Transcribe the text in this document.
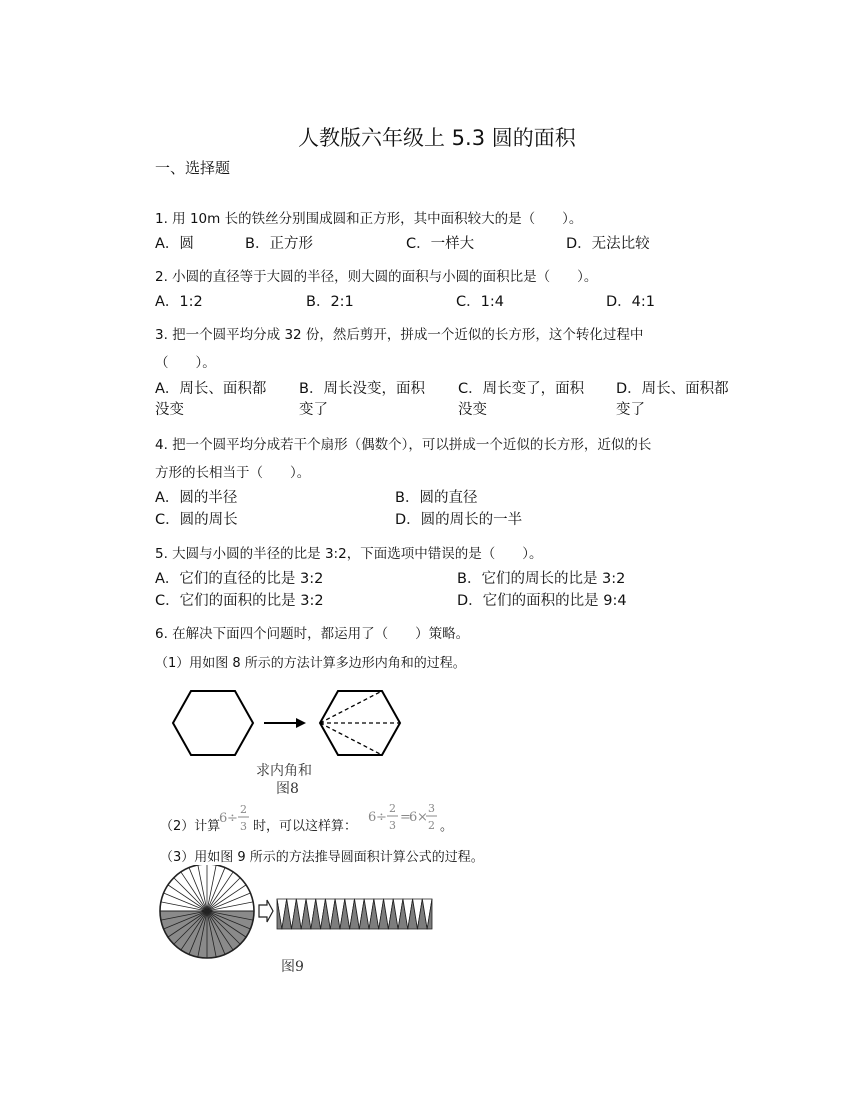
人教版六年级上 5.3 圆的面积
一、选择题
1. 用 10m 长的铁丝分别围成圆和正方形，其中面积较大的是（　　）。
A．圆	B．正方形	C．一样大	D．无法比较
2. 小圆的直径等于大圆的半径，则大圆的面积与小圆的面积比是（　　）。
A．1:2	B．2:1	C．1:4	D．4:1
3. 把一个圆平均分成 32 份，然后剪开，拼成一个近似的长方形，这个转化过程中
（　　）。
A．周长、面积都
没变
B．周长没变，面积
变了
C．周长变了，面积
没变
D．周长、面积都
变了
4. 把一个圆平均分成若干个扇形（偶数个），可以拼成一个近似的长方形，近似的长
方形的长相当于（　　）。
A．圆的半径	B．圆的直径
C．圆的周长	D．圆的周长的一半
5. 大圆与小圆的半径的比是 3:2，下面选项中错误的是（　　）。
A．它们的直径的比是 3:2	B．它们的周长的比是 3:2
C．它们的面积的比是 3:2	D．它们的面积的比是 9:4
6. 在解决下面四个问题时，都运用了（　　）策略。
（1）用如图 8 所示的方法计算多边形内角和的过程。
求内角和
图8
（2）计算
6 ÷
2
3 时，可以这样算：
6 ÷
2
3
=
6 ×
3
2 。
（3）用如图 9 所示的方法推导圆面积计算公式的过程。
图9
